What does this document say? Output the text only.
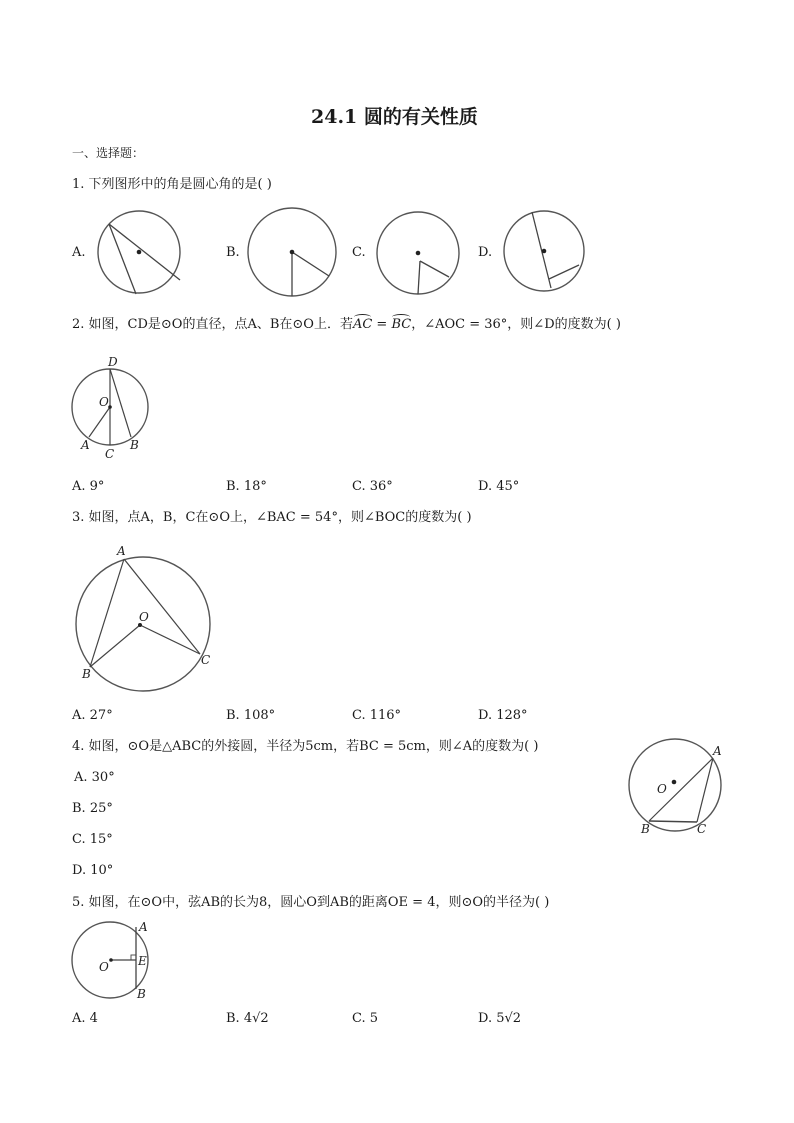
24.1 圆的有关性质
一、选择题：
1. 下列图形中的角是圆心角的是( )
A.	B.	C.	D.
2. 如图，CD是⊙O的直径，点A、B在⊙O上．若AC = BC，∠AOC = 36°，则∠D的度数为( )
D
O
A
C
B
A. 9°	B. 18°	C. 36°	D. 45°
3. 如图，点A，B，C在⊙O上，∠BAC = 54°，则∠BOC的度数为( )
A
O
B
C
A. 27°	B. 108°	C. 116°	D. 128°
4. 如图，⊙O是△ABC的外接圆，半径为5cm，若BC = 5cm，则∠A的度数为( )	A
O
B	C
A. 30°
B. 25°
C. 15°
D. 10°
5. 如图，在⊙O中，弦AB的长为8，圆心O到AB的距离OE = 4，则⊙O的半径为( )
A
O E
B
A. 4	B. 4√2	C. 5	D. 5√2
